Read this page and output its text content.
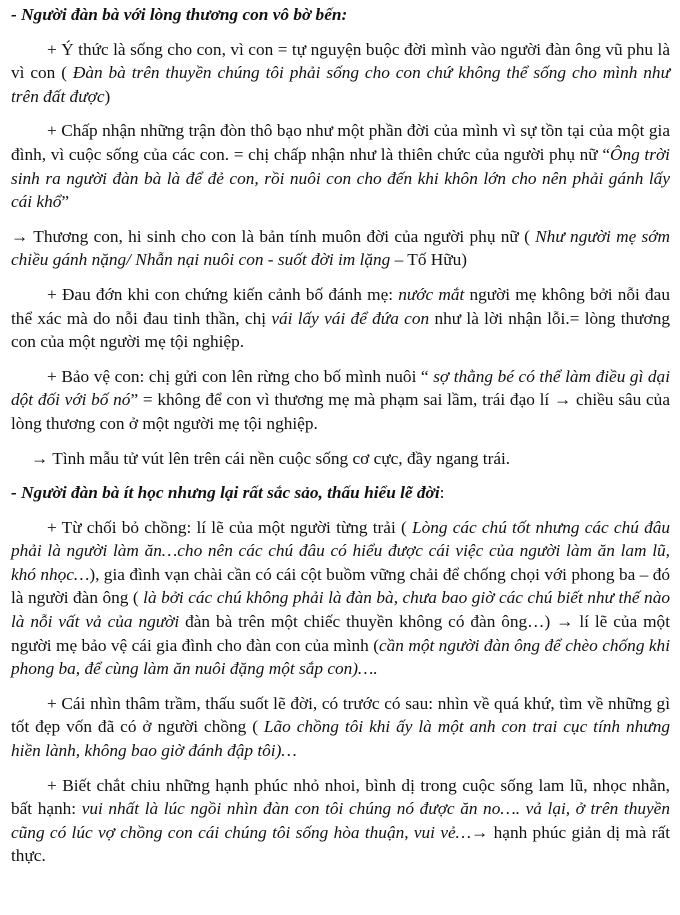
- Người đàn bà với lòng thương con vô bờ bến:

+ Ý thức là sống cho con, vì con = tự nguyện buộc đời mình vào người đàn ông vũ phu là vì con ( Đàn bà trên thuyền chúng tôi phải sống cho con chứ không thể sống cho mình như trên đất được)

+ Chấp nhận những trận đòn thô bạo như một phần đời của mình vì sự tồn tại của một gia đình, vì cuộc sống của các con. = chị chấp nhận như là thiên chức của người phụ nữ “Ông trời sinh ra người đàn bà là để đẻ con, rồi nuôi con cho đến khi khôn lớn cho nên phải gánh lấy cái khổ”

→ Thương con, hi sinh cho con là bản tính muôn đời của người phụ nữ ( Như người mẹ sớm chiều gánh nặng/ Nhẫn nại nuôi con - suốt đời im lặng – Tố Hữu)

+ Đau đớn khi con chứng kiến cảnh bố đánh mẹ: nước mắt người mẹ không bởi nỗi đau thể xác mà do nỗi đau tinh thần, chị vái lấy vái để đứa con như là lời nhận lỗi.= lòng thương con của một người mẹ tội nghiệp.

+ Bảo vệ con: chị gửi con lên rừng cho bố mình nuôi “ sợ thằng bé có thể làm điều gì dại dột đối với bố nó” = không để con vì thương mẹ mà phạm sai lầm, trái đạo lí → chiều sâu của lòng thương con ở một người mẹ tội nghiệp.

→ Tình mẫu tử vút lên trên cái nền cuộc sống cơ cực, đầy ngang trái.

- Người đàn bà ít học nhưng lại rất sắc sảo, thấu hiểu lẽ đời:

+ Từ chối bỏ chồng: lí lẽ của một người từng trải ( Lòng các chú tốt nhưng các chú đâu phải là người làm ăn…cho nên các chú đâu có hiểu được cái việc của người làm ăn lam lũ, khó nhọc…), gia đình vạn chài cần có cái cột buồm vững chải để chống chọi với phong ba – đó là người đàn ông ( là bởi các chú không phải là đàn bà, chưa bao giờ các chú biết như thế nào là nỗi vất vả của người đàn bà trên một chiếc thuyền không có đàn ông…) → lí lẽ của một người mẹ bảo vệ cái gia đình cho đàn con của mình (cần một người đàn ông để chèo chống khi phong ba, để cùng làm ăn nuôi đặng một sắp con)….

+ Cái nhìn thâm trầm, thấu suốt lẽ đời, có trước có sau: nhìn về quá khứ, tìm về những gì tốt đẹp vốn đã có ở người chồng ( Lão chồng tôi khi ấy là một anh con trai cục tính nhưng hiền lành, không bao giờ đánh đập tôi)…

+ Biết chắt chiu những hạnh phúc nhỏ nhoi, bình dị trong cuộc sống lam lũ, nhọc nhằn, bất hạnh: vui nhất là lúc ngồi nhìn đàn con tôi chúng nó được ăn no…. vả lại, ở trên thuyền cũng có lúc vợ chồng con cái chúng tôi sống hòa thuận, vui vẻ…→ hạnh phúc giản dị mà rất thực.
